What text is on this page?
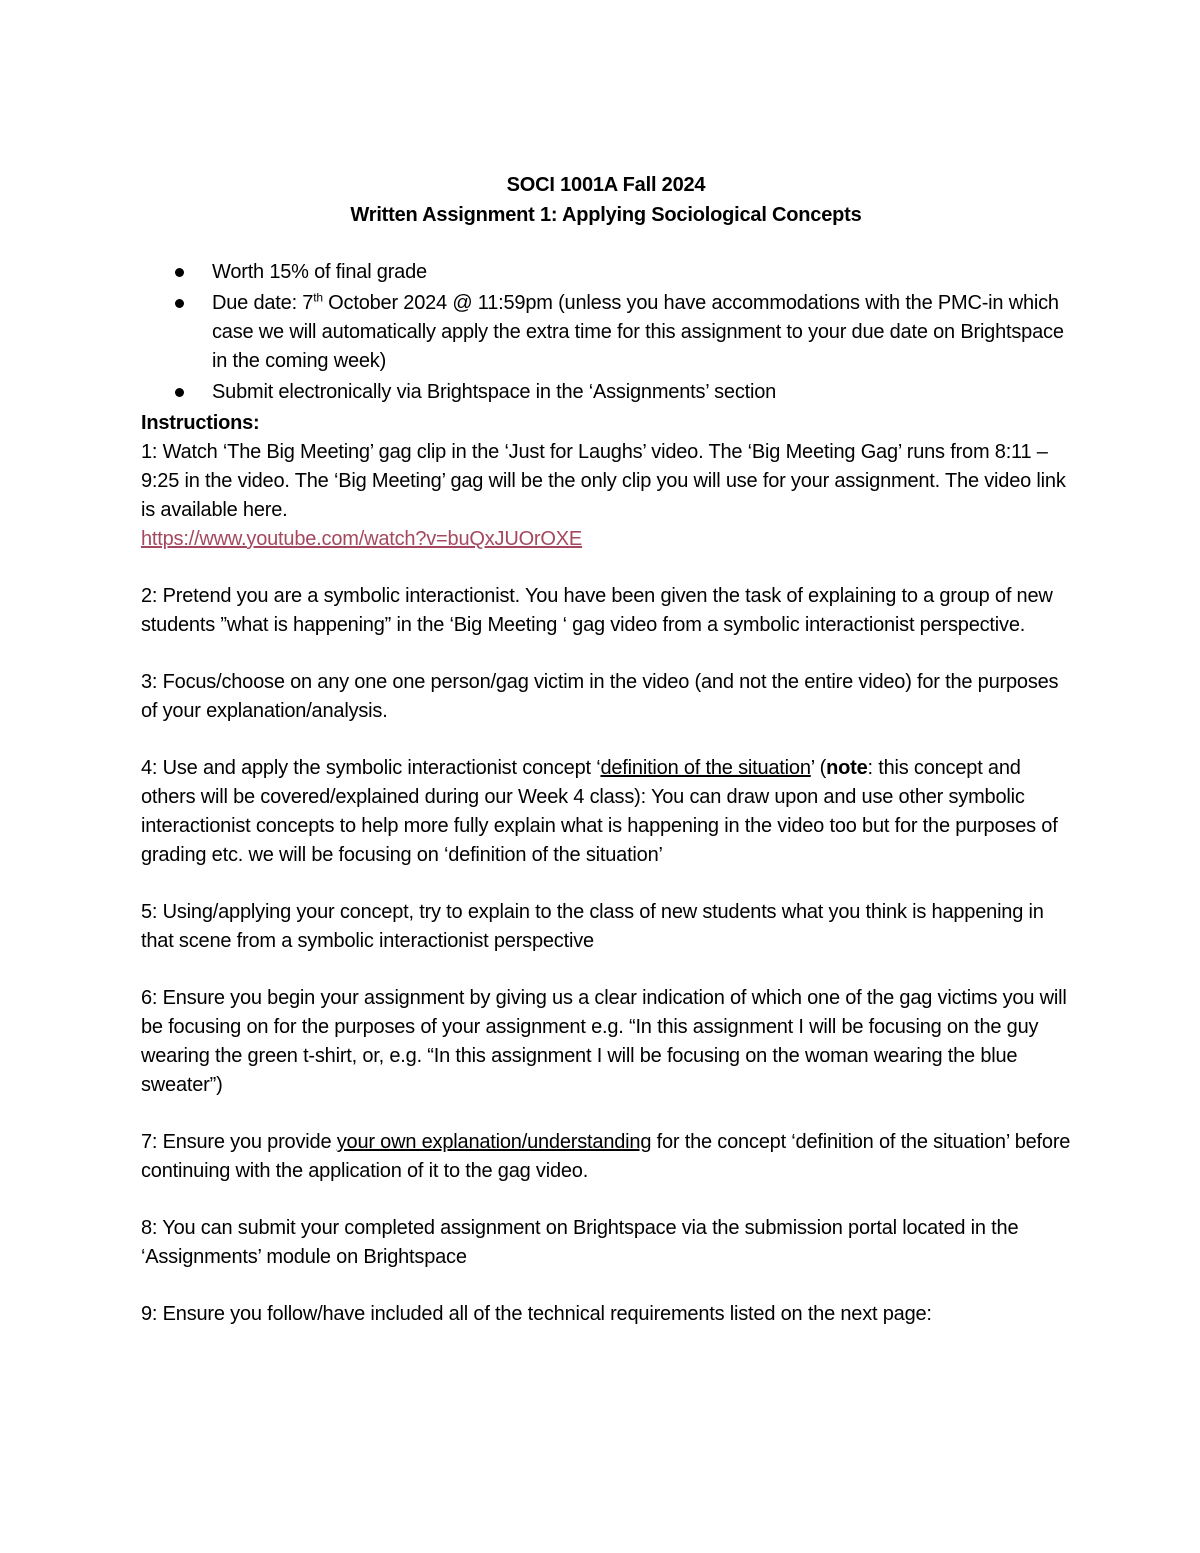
SOCI 1001A Fall 2024

Written Assignment 1: Applying Sociological Concepts

Worth 15% of final grade
Due date: 7th October 2024 @ 11:59pm (unless you have accommodations with the PMC-in which case we will automatically apply the extra time for this assignment to your due date on Brightspace in the coming week)
Submit electronically via Brightspace in the ‘Assignments’ section

Instructions:

1: Watch ‘The Big Meeting’ gag clip in the ‘Just for Laughs’ video. The ‘Big Meeting Gag’ runs from 8:11 – 9:25 in the video. The ‘Big Meeting’ gag will be the only clip you will use for your assignment. The video link is available here.

https://www.youtube.com/watch?v=buQxJUOrOXE

2: Pretend you are a symbolic interactionist. You have been given the task of explaining to a group of new students ”what is happening” in the ‘Big Meeting ‘ gag video from a symbolic interactionist perspective.

3: Focus/choose on any one one person/gag victim in the video (and not the entire video) for the purposes of your explanation/analysis.

4: Use and apply the symbolic interactionist concept ‘definition of the situation’ (note: this concept and others will be covered/explained during our Week 4 class): You can draw upon and use other symbolic interactionist concepts to help more fully explain what is happening in the video too but for the purposes of grading etc. we will be focusing on ‘definition of the situation’

5: Using/applying your concept, try to explain to the class of new students what you think is happening in that scene from a symbolic interactionist perspective

6: Ensure you begin your assignment by giving us a clear indication of which one of the gag victims you will be focusing on for the purposes of your assignment e.g. “In this assignment I will be focusing on the guy wearing the green t-shirt, or, e.g. “In this assignment I will be focusing on the woman wearing the blue sweater”)

7: Ensure you provide your own explanation/understanding for the concept ‘definition of the situation’ before continuing with the application of it to the gag video.

8: You can submit your completed assignment on Brightspace via the submission portal located in the ‘Assignments’ module on Brightspace

9: Ensure you follow/have included all of the technical requirements listed on the next page:
